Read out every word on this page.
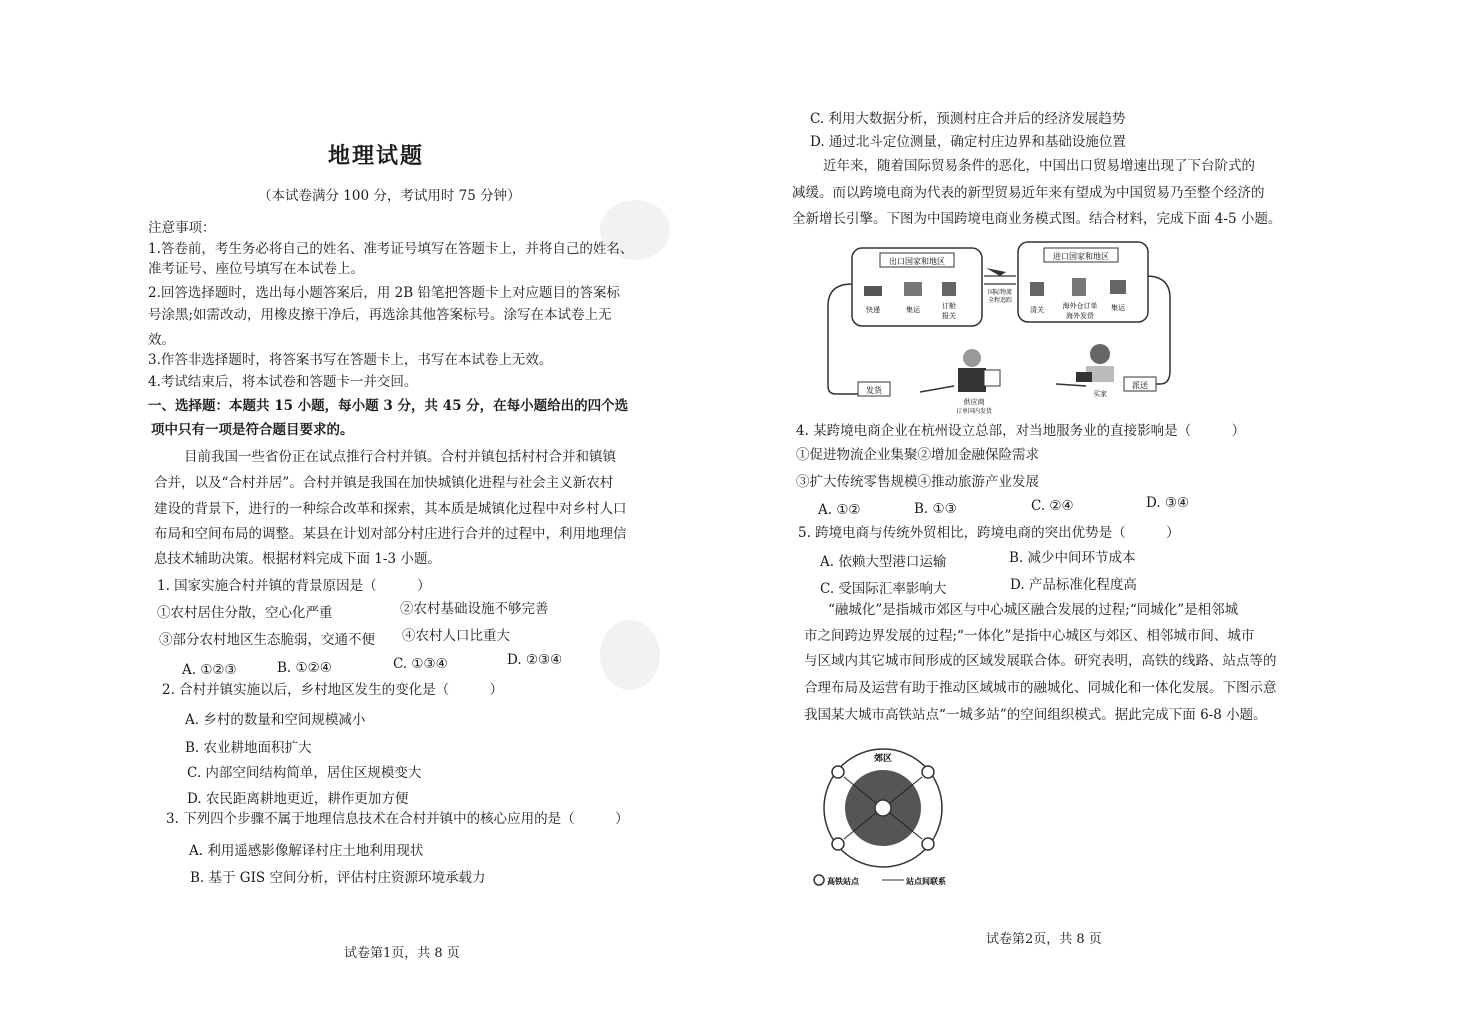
地理试题
（本试卷满分 100 分，考试用时 75 分钟）
注意事项：
1.答卷前，考生务必将自己的姓名、准考证号填写在答题卡上，并将自己的姓名、
准考证号、座位号填写在本试卷上。
2.回答选择题时，选出每小题答案后，用 2B 铅笔把答题卡上对应题目的答案标
号涂黑;如需改动，用橡皮擦干净后，再选涂其他答案标号。涂写在本试卷上无
效。
3.作答非选择题时，将答案书写在答题卡上，书写在本试卷上无效。
4.考试结束后，将本试卷和答题卡一并交回。
一、选择题：本题共 15 小题，每小题 3 分，共 45 分，在每小题给出的四个选
项中只有一项是符合题目要求的。
目前我国一些省份正在试点推行合村并镇。合村并镇包括村村合并和镇镇
合并，以及“合村并居”。合村并镇是我国在加快城镇化进程与社会主义新农村
建设的背景下，进行的一种综合改革和探索，其本质是城镇化过程中对乡村人口
布局和空间布局的调整。某县在计划对部分村庄进行合并的过程中，利用地理信
息技术辅助决策。根据材料完成下面 1-3 小题。
1. 国家实施合村并镇的背景原因是（　　　）
①农村居住分散，空心化严重	②农村基础设施不够完善
③部分农村地区生态脆弱，交通不便 ④农村人口比重大
A. ①②③	B. ①②④	C. ①③④	D. ②③④
2. 合村并镇实施以后，乡村地区发生的变化是（　　　）
A. 乡村的数量和空间规模减小
B. 农业耕地面积扩大
C. 内部空间结构简单，居住区规模变大
D. 农民距离耕地更近，耕作更加方便
3. 下列四个步骤不属于地理信息技术在合村并镇中的核心应用的是（　　　）
A. 利用遥感影像解译村庄土地利用现状
B. 基于 GIS 空间分析，评估村庄资源环境承载力
试卷第1页，共 8 页
C. 利用大数据分析，预测村庄合并后的经济发展趋势
D. 通过北斗定位测量，确定村庄边界和基础设施位置
近年来，随着国际贸易条件的恶化，中国出口贸易增速出现了下台阶式的
减缓。而以跨境电商为代表的新型贸易近年来有望成为中国贸易乃至整个经济的
全新增长引擎。下图为中国跨境电商业务模式图。结合材料，完成下面 4-5 小题。
出口国家和地区
快递	集运	订舱
报关
国际物流
全程追踪
进口国家和地区
清关	海外仓订单
海外发货
集运
发货
供应商
订单国内发货
买家
派送
4. 某跨境电商企业在杭州设立总部，对当地服务业的直接影响是（　　　）
①促进物流企业集聚②增加金融保险需求
③扩大传统零售规模④推动旅游产业发展
A. ①②	B. ①③	C. ②④	D. ③④
5. 跨境电商与传统外贸相比，跨境电商的突出优势是（　　　）
A. 依赖大型港口运输	B. 减少中间环节成本
C. 受国际汇率影响大	D. 产品标准化程度高
“融城化”是指城市郊区与中心城区融合发展的过程;“同城化”是相邻城
市之间跨边界发展的过程;“一体化”是指中心城区与郊区、相邻城市间、城市
与区域内其它城市间形成的区域发展联合体。研究表明，高铁的线路、站点等的
合理布局及运营有助于推动区域城市的融城化、同城化和一体化发展。下图示意
我国某大城市高铁站点“一城多站”的空间组织模式。据此完成下面 6-8 小题。
郊区
高铁站点	站点间联系
试卷第2页，共 8 页
